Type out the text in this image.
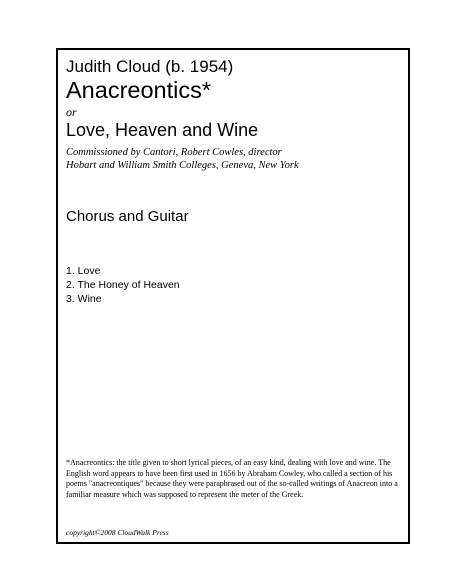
Judith Cloud (b. 1954)
Anacreontics*
or
Love, Heaven and Wine
Commissioned by Cantori, Robert Cowles, director
Hobart and William Smith Colleges, Geneva, New York
Chorus and Guitar
1. Love
2. The Honey of Heaven
3. Wine
*Anacreontics: the title given to short lyrical pieces, of an easy kind, dealing with love and wine. The English word appears to have been first used in 1656 by Abraham Cowley, who called a section of his poems "anacreontiques" because they were paraphrased out of the so-called writings of Anacreon into a familiar measure which was supposed to represent the meter of the Greek.
copyright©2008 CloudWalk Press
